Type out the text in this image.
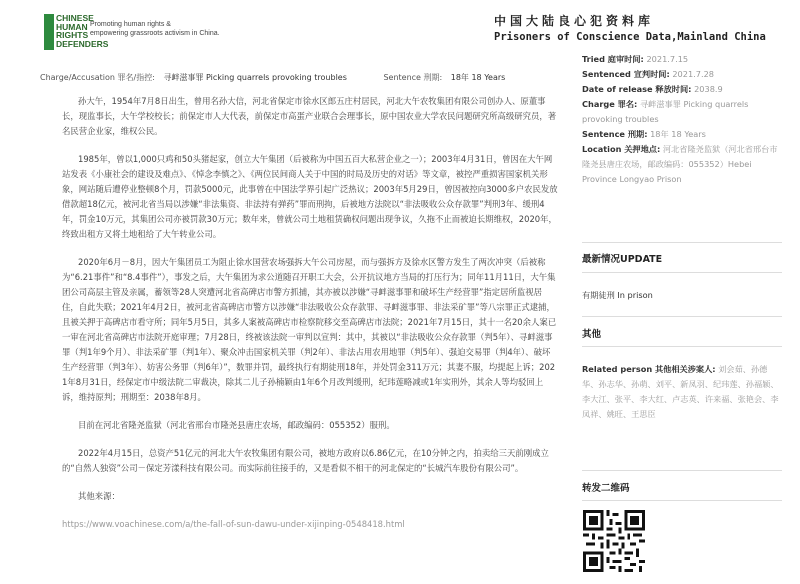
CHINESE
HUMAN
RIGHTS
DEFENDERS
Promoting human rights &
empowering grassroots activism in China.
中国大陆良心犯资料库
Prisoners of Conscience Data,Mainland China
Charge/Accusation 罪名/指控: 寻衅滋事罪 Picking quarrels provoking troubles	Sentence 刑期: 18年 18 Years

孙大午，1954年7月8日出生，曾用名孙大信，河北省保定市徐水区郎五庄村居民，河北大午农牧集团有限公司创办人、原董事长，现监事长，大午学校校长；前保定市人大代表，前保定市高蛋产业联合会理事长，原中国农业大学农民问题研究所高级研究员，著名民营企业家，维权公民。

1985年，曾以1,000只鸡和50头猪起家，创立大午集团（后被称为中国五百大私营企业之一）；2003年4月31日，曾因在大午网站发表《小康社会的建设及难点》、《悼念李慎之》、《两位民间商人关于中国的时局及历史的对话》等文章，被控严重损害国家机关形象，网站随后遭停业整顿8个月，罚款5000元，此事曾在中国法学界引起广泛热议；2003年5月29日，曾因被控向3000多户农民发放借款超18亿元，被河北省当局以涉嫌“非法集资、非法持有弹药”罪而刑拘，后被地方法院以“非法吸收公众存款罪”判刑3年、缓刑4年，罚金10万元，其集团公司亦被罚款30万元；数年来，曾就公司土地租赁确权问题出现争议，久拖不止而被迫长期维权，2020年，终致出租方又将土地租给了大午转业公司。

2020年6月－8月，因大午集团员工为阻止徐水国营农场强拆大午公司房屋，而与强拆方及徐水区警方发生了两次冲突（后被称为“6.21事件”和“8.4事件”），事发之后，大午集团为求公道随召开职工大会，公开抗议地方当局的打压行为；同年11月11日，大午集团公司高层主管及亲属，蓄领等28人突遭河北省高碑店市警方抓捕，其亦被以涉嫌“寻衅滋事罪和破坏生产经营罪”指定居所监视居住，自此失联；2021年4月2日，被河北省高碑店市警方以涉嫌“非法吸收公众存款罪、寻衅滋事罪、非法采矿罪”等八宗罪正式逮捕，且被关押于高碑店市看守所；同年5月5日，其多人案被高碑店市检察院移交至高碑店市法院；2021年7月15日，其十一名20余人案已一审在河北省高碑店市法院开庭审理；7月28日，终被该法院一审判以宣判：其中，其被以“非法吸收公众存款罪（判5年）、寻衅滋事罪（判1年9个月）、非法采矿罪（判1年）、聚众冲击国家机关罪（判2年）、非法占用农用地罪（判5年）、强迫交易罪（判4年）、破坏生产经营罪（判3年）、妨害公务罪（判6年）”，数罪并罚，最终执行有期徒刑18年，并处罚金311万元；其妻不服，均提起上诉；2021年8月31日，经保定市中级法院二审裁决，除其二儿子孙楠颖由1年6个月改判缓刑，纪玮莲略减或1年实刑外，其余人等均驳回上诉，维持原判；刑期至：2038年8月。

目前在河北省隆尧监狱（河北省邢台市隆尧县唐庄农场，邮政编码：055352）服刑。

2022年4月15日，总资产51亿元的河北大午农牧集团有限公司，被地方政府以6.86亿元，在10分钟之内，拍卖给三天前刚成立的“自然人独资”公司－保定芳漾科技有限公司。而实际前往接手的，又是看似不相干的河北保定的“长城汽车股份有限公司”。

其他来源：

https://www.voachinese.com/a/the-fall-of-sun-dawu-under-xijinping-0548418.html

Tried 庭审时间: 2021.7.15
Sentenced 宣判时间: 2021.7.28
Date of release 释放时间: 2038.9
Charge 罪名: 寻衅滋事罪 Picking quarrels provoking troubles
Sentence 刑期: 18年 18 Years
Location 关押地点: 河北省隆尧监狱（河北省邢台市隆尧县唐庄农场，邮政编码：055352）Hebei Province Longyao Prison
最新情况UPDATE
有期徒刑 In prison
其他
Related person 其他相关涉案人: 刘会茹、孙德华、孙志华、孙萌、刘平、新凤羽、纪玮莲、孙福颖、李大江、张平、李大红、卢志英、许来福、张艳会、李凤祥、姚旺、王思臣
转发二维码
